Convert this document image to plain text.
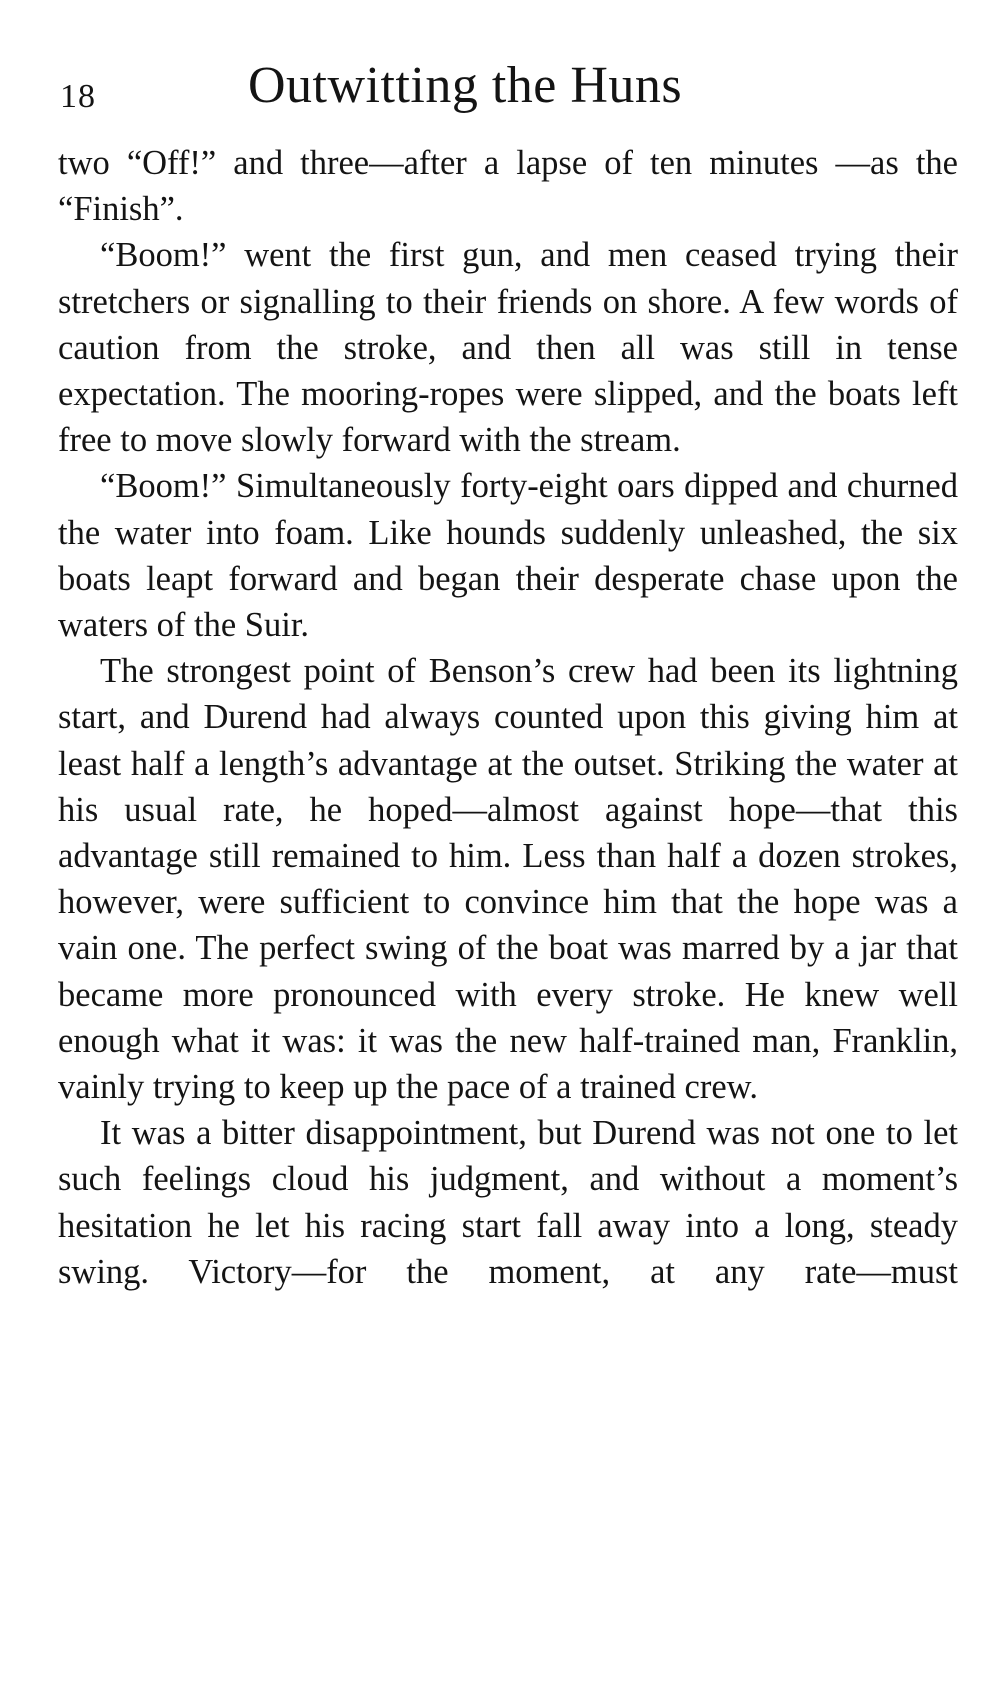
18	Outwitting the Huns

two “Off!” and three—after a lapse of ten minutes —as the “Finish”.

“Boom!” went the first gun, and men ceased trying their stretchers or signalling to their friends on shore. A few words of caution from the stroke, and then all was still in tense expectation. The mooring-ropes were slipped, and the boats left free to move slowly forward with the stream.

“Boom!” Simultaneously forty-eight oars dipped and churned the water into foam. Like hounds suddenly unleashed, the six boats leapt forward and began their desperate chase upon the waters of the Suir.

The strongest point of Benson’s crew had been its lightning start, and Durend had always counted upon this giving him at least half a length’s advantage at the outset. Striking the water at his usual rate, he hoped—almost against hope—that this advantage still remained to him. Less than half a dozen strokes, however, were sufficient to convince him that the hope was a vain one. The perfect swing of the boat was marred by a jar that became more pronounced with every stroke. He knew well enough what it was: it was the new half-trained man, Franklin, vainly trying to keep up the pace of a trained crew.

It was a bitter disappointment, but Durend was not one to let such feelings cloud his judgment, and without a moment’s hesitation he let his racing start fall away into a long, steady swing. Victory—for the moment, at any rate—must
